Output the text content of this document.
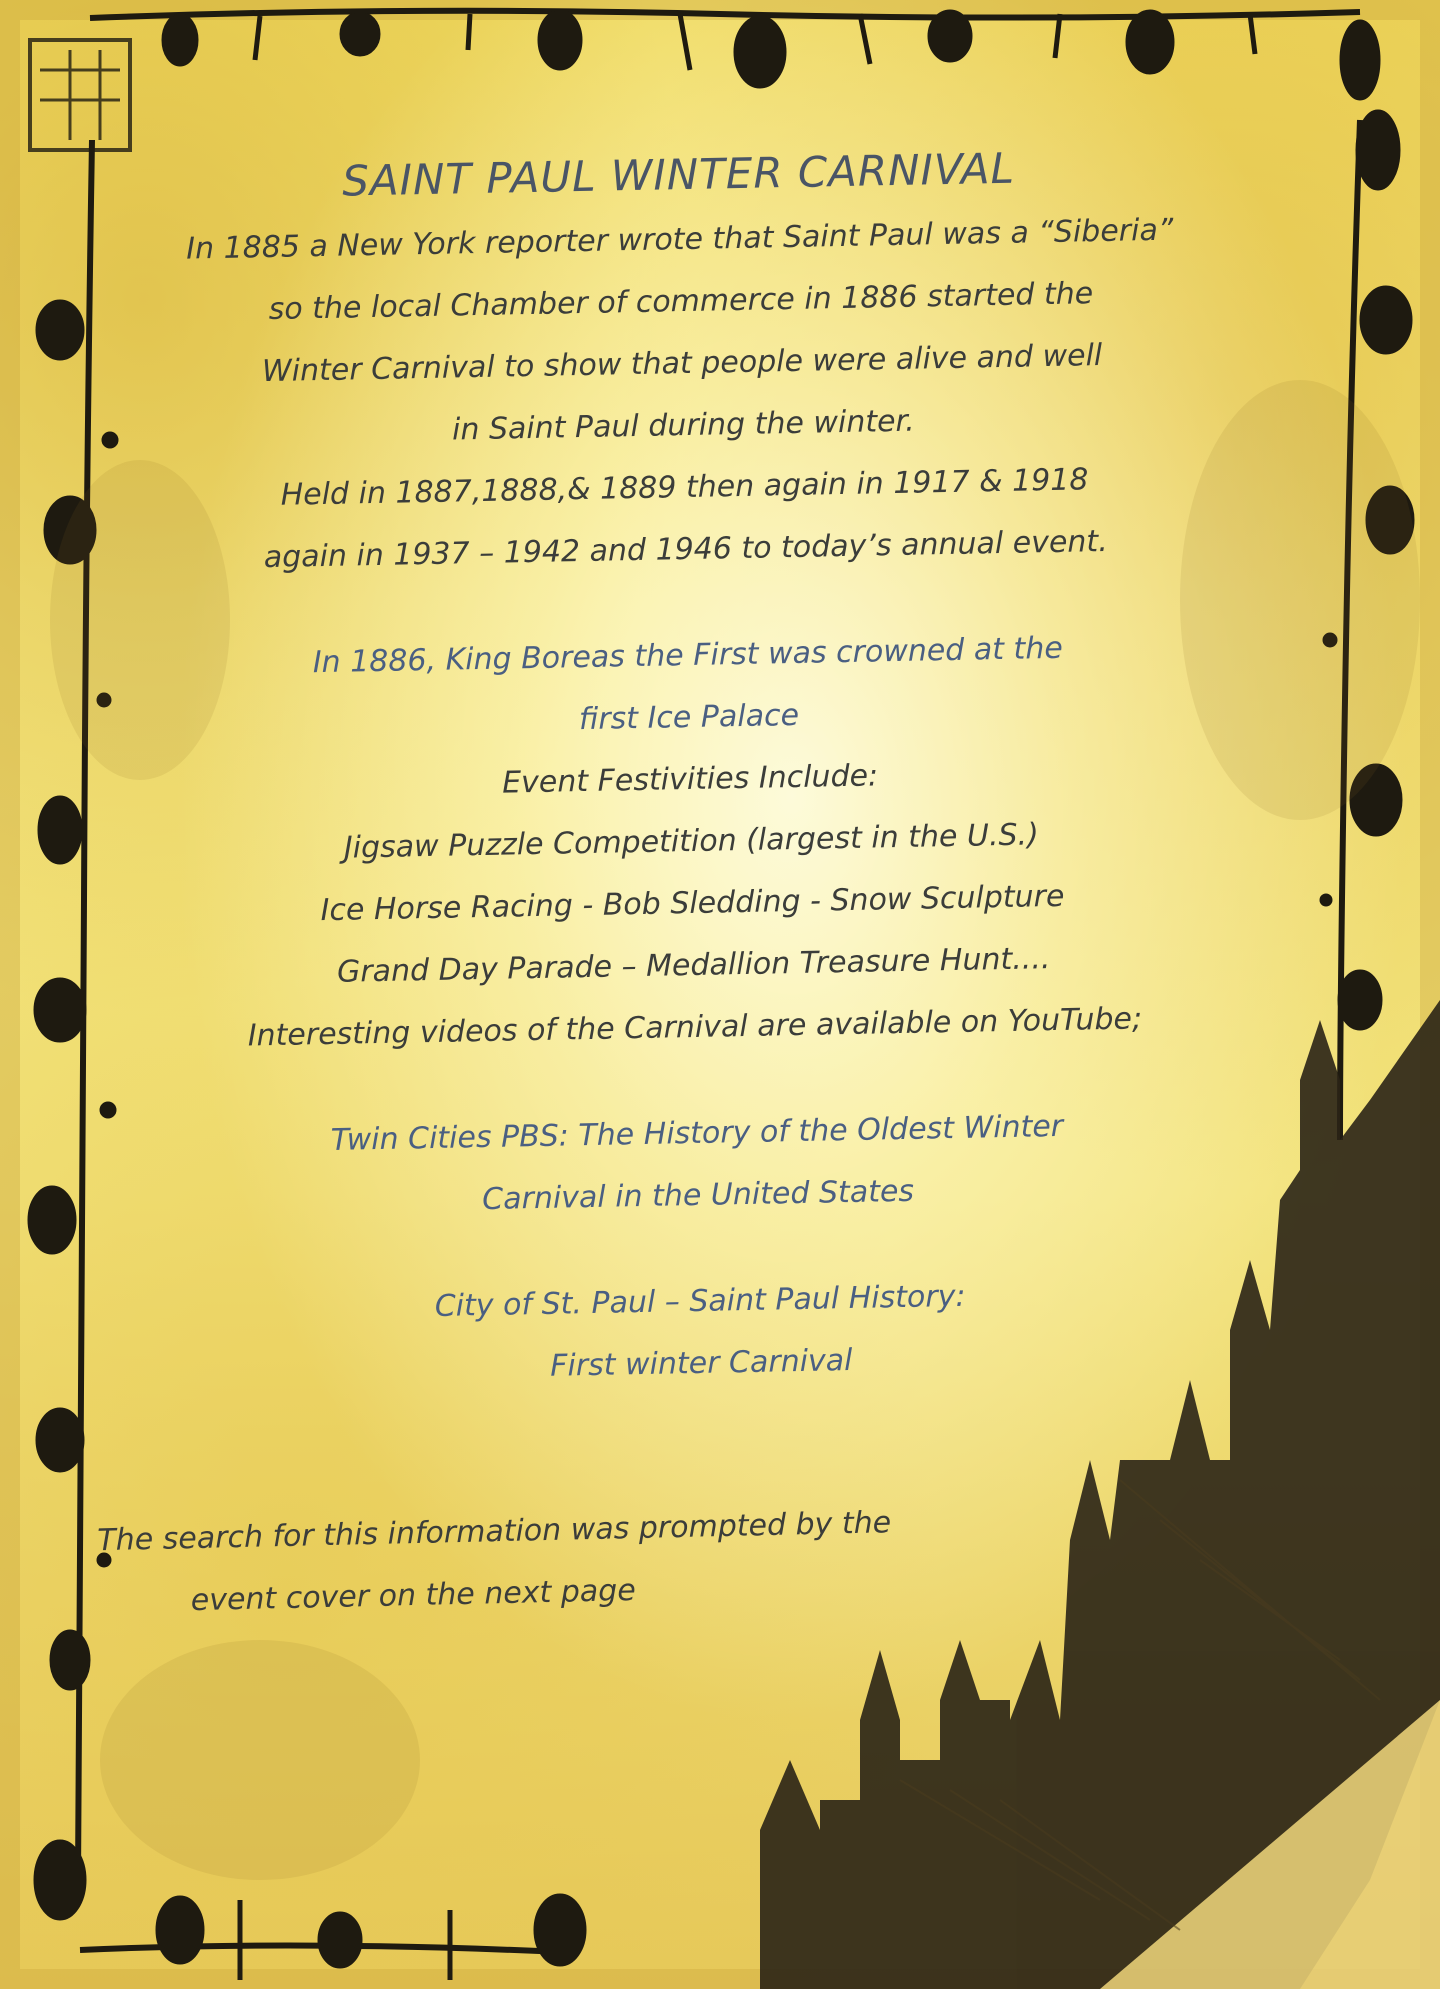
SAINT PAUL WINTER CARNIVAL

In 1885 a New York reporter wrote that Saint Paul was a “Siberia”

so the local Chamber of commerce in 1886 started the

Winter Carnival to show that people were alive and well

in Saint Paul during the winter.

Held in 1887,1888,& 1889 then again in 1917 & 1918

again in 1937 – 1942 and 1946 to today’s annual event.

In 1886, King Boreas the First was crowned at the

first Ice Palace

Event Festivities Include:

Jigsaw Puzzle Competition (largest in the U.S.)

Ice Horse Racing - Bob Sledding - Snow Sculpture

Grand Day Parade – Medallion Treasure Hunt....

Interesting videos of the Carnival are available on YouTube;

Twin Cities PBS: The History of the Oldest Winter

Carnival in the United States

City of St. Paul – Saint Paul History:

First winter Carnival

The search for this information was prompted by the

event cover on the next page
